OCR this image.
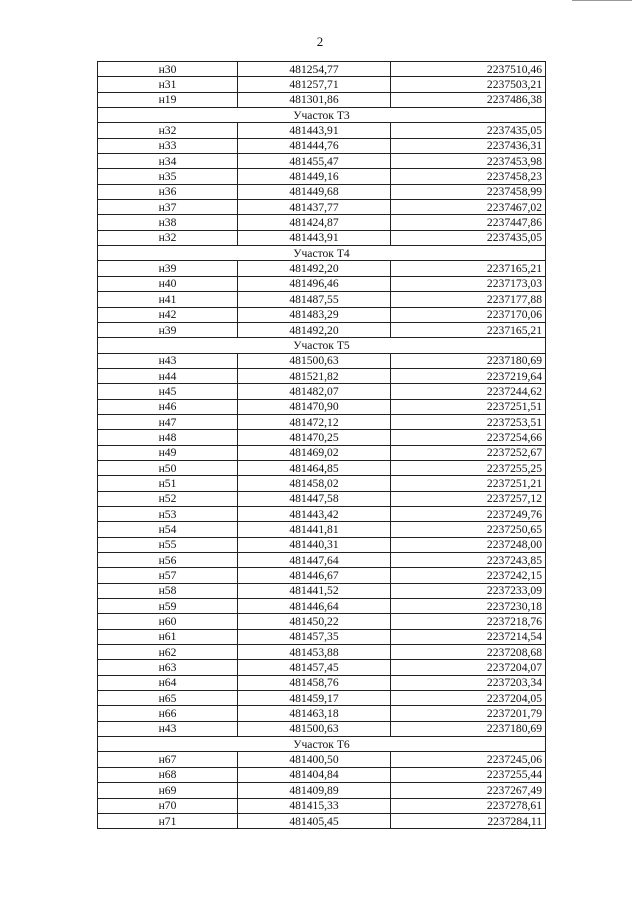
2
н30	481254,77	2237510,46
н31	481257,71	2237503,21
н19	481301,86	2237486,38
Участок Т3		
н32	481443,91	2237435,05
н33	481444,76	2237436,31
н34	481455,47	2237453,98
н35	481449,16	2237458,23
н36	481449,68	2237458,99
н37	481437,77	2237467,02
н38	481424,87	2237447,86
н32	481443,91	2237435,05
Участок Т4		
н39	481492,20	2237165,21
н40	481496,46	2237173,03
н41	481487,55	2237177,88
н42	481483,29	2237170,06
н39	481492,20	2237165,21
Участок Т5		
н43	481500,63	2237180,69
н44	481521,82	2237219,64
н45	481482,07	2237244,62
н46	481470,90	2237251,51
н47	481472,12	2237253,51
н48	481470,25	2237254,66
н49	481469,02	2237252,67
н50	481464,85	2237255,25
н51	481458,02	2237251,21
н52	481447,58	2237257,12
н53	481443,42	2237249,76
н54	481441,81	2237250,65
н55	481440,31	2237248,00
н56	481447,64	2237243,85
н57	481446,67	2237242,15
н58	481441,52	2237233,09
н59	481446,64	2237230,18
н60	481450,22	2237218,76
н61	481457,35	2237214,54
н62	481453,88	2237208,68
н63	481457,45	2237204,07
н64	481458,76	2237203,34
н65	481459,17	2237204,05
н66	481463,18	2237201,79
н43	481500,63	2237180,69
Участок Т6		
н67	481400,50	2237245,06
н68	481404,84	2237255,44
н69	481409,89	2237267,49
н70	481415,33	2237278,61
н71	481405,45	2237284,11
